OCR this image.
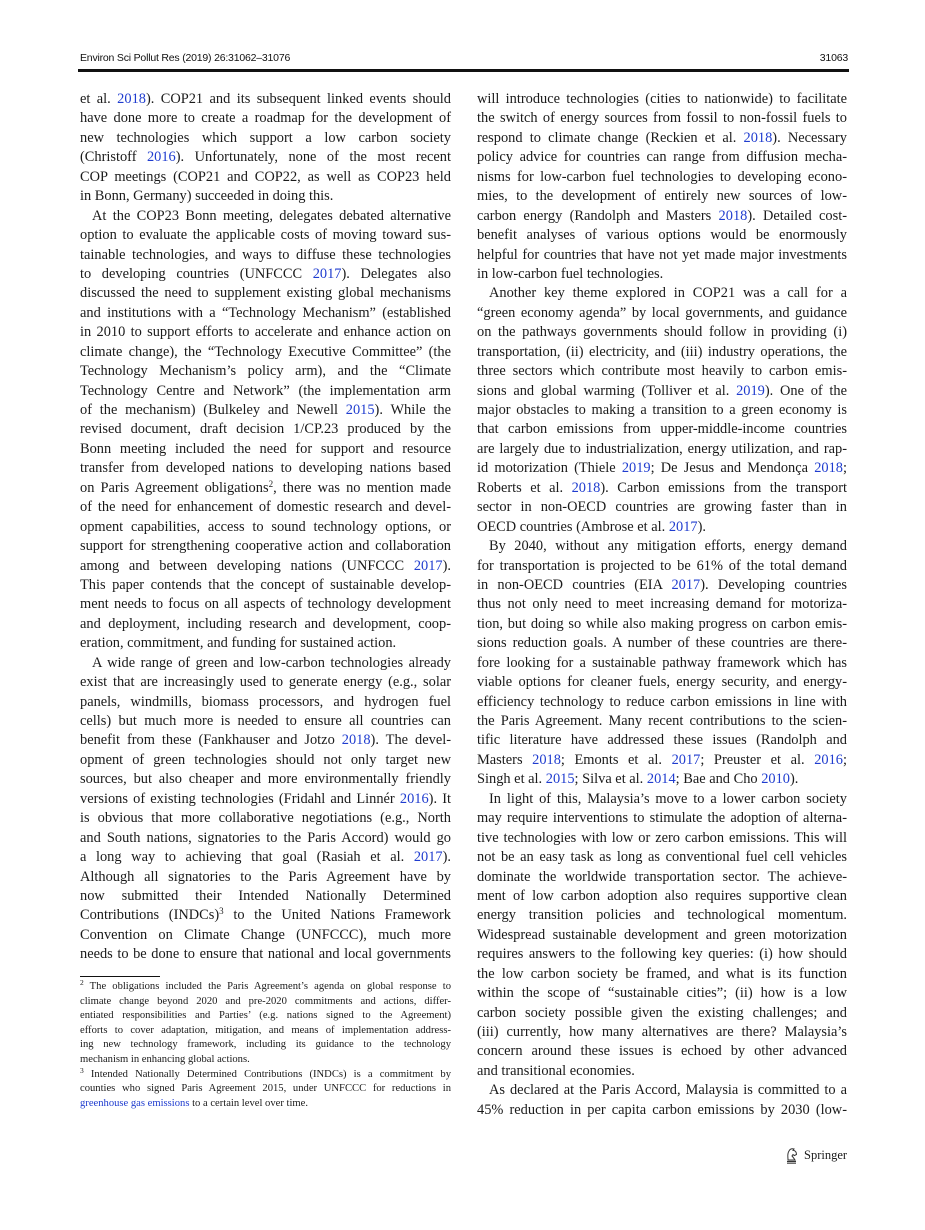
Environ Sci Pollut Res (2019) 26:31062–31076	31063
et al. 2018). COP21 and its subsequent linked events should
have done more to create a roadmap for the development of
new technologies which support a low carbon society
(Christoff 2016). Unfortunately, none of the most recent
COP meetings (COP21 and COP22, as well as COP23 held
in Bonn, Germany) succeeded in doing this.
At the COP23 Bonn meeting, delegates debated alternative
option to evaluate the applicable costs of moving toward sus-
tainable technologies, and ways to diffuse these technologies
to developing countries (UNFCCC 2017). Delegates also
discussed the need to supplement existing global mechanisms
and institutions with a “Technology Mechanism” (established
in 2010 to support efforts to accelerate and enhance action on
climate change), the “Technology Executive Committee” (the
Technology Mechanism’s policy arm), and the “Climate
Technology Centre and Network” (the implementation arm
of the mechanism) (Bulkeley and Newell 2015). While the
revised document, draft decision 1/CP.23 produced by the
Bonn meeting included the need for support and resource
transfer from developed nations to developing nations based
on Paris Agreement obligations$^2$, there was no mention made
of the need for enhancement of domestic research and devel-
opment capabilities, access to sound technology options, or
support for strengthening cooperative action and collaboration
among and between developing nations (UNFCCC 2017).
This paper contends that the concept of sustainable develop-
ment needs to focus on all aspects of technology development
and deployment, including research and development, coop-
eration, commitment, and funding for sustained action.
A wide range of green and low-carbon technologies already
exist that are increasingly used to generate energy (e.g., solar
panels, windmills, biomass processors, and hydrogen fuel
cells) but much more is needed to ensure all countries can
benefit from these (Fankhauser and Jotzo 2018). The devel-
opment of green technologies should not only target new
sources, but also cheaper and more environmentally friendly
versions of existing technologies (Fridahl and Linnér 2016). It
is obvious that more collaborative negotiations (e.g., North
and South nations, signatories to the Paris Accord) would go
a long way to achieving that goal (Rasiah et al. 2017).
Although all signatories to the Paris Agreement have by
now submitted their Intended Nationally Determined
Contributions (INDCs)$^3$ to the United Nations Framework
Convention on Climate Change (UNFCCC), much more
needs to be done to ensure that national and local governments
will introduce technologies (cities to nationwide) to facilitate
the switch of energy sources from fossil to non-fossil fuels to
respond to climate change (Reckien et al. 2018). Necessary
policy advice for countries can range from diffusion mecha-
nisms for low-carbon fuel technologies to developing econo-
mies, to the development of entirely new sources of low-
carbon energy (Randolph and Masters 2018). Detailed cost-
benefit analyses of various options would be enormously
helpful for countries that have not yet made major investments
in low-carbon fuel technologies.
Another key theme explored in COP21 was a call for a
“green economy agenda” by local governments, and guidance
on the pathways governments should follow in providing (i)
transportation, (ii) electricity, and (iii) industry operations, the
three sectors which contribute most heavily to carbon emis-
sions and global warming (Tolliver et al. 2019). One of the
major obstacles to making a transition to a green economy is
that carbon emissions from upper-middle-income countries
are largely due to industrialization, energy utilization, and rap-
id motorization (Thiele 2019; De Jesus and Mendonça 2018;
Roberts et al. 2018). Carbon emissions from the transport
sector in non-OECD countries are growing faster than in
OECD countries (Ambrose et al. 2017).
By 2040, without any mitigation efforts, energy demand
for transportation is projected to be 61% of the total demand
in non-OECD countries (EIA 2017). Developing countries
thus not only need to meet increasing demand for motoriza-
tion, but doing so while also making progress on carbon emis-
sions reduction goals. A number of these countries are there-
fore looking for a sustainable pathway framework which has
viable options for cleaner fuels, energy security, and energy-
efficiency technology to reduce carbon emissions in line with
the Paris Agreement. Many recent contributions to the scien-
tific literature have addressed these issues (Randolph and
Masters 2018; Emonts et al. 2017; Preuster et al. 2016;
Singh et al. 2015; Silva et al. 2014; Bae and Cho 2010).
In light of this, Malaysia’s move to a lower carbon society
may require interventions to stimulate the adoption of alterna-
tive technologies with low or zero carbon emissions. This will
not be an easy task as long as conventional fuel cell vehicles
dominate the worldwide transportation sector. The achieve-
ment of low carbon adoption also requires supportive clean
energy transition policies and technological momentum.
Widespread sustainable development and green motorization
requires answers to the following key queries: (i) how should
the low carbon society be framed, and what is its function
within the scope of “sustainable cities”; (ii) how is a low
carbon society possible given the existing challenges; and
(iii) currently, how many alternatives are there? Malaysia’s
concern around these issues is echoed by other advanced
and transitional economies.
As declared at the Paris Accord, Malaysia is committed to a
45% reduction in per capita carbon emissions by 2030 (low-
$^2$ The obligations included the Paris Agreement’s agenda on global response to
climate change beyond 2020 and pre-2020 commitments and actions, differ-
entiated responsibilities and Parties’ (e.g. nations signed to the Agreement)
efforts to cover adaptation, mitigation, and means of implementation address-
ing new technology framework, including its guidance to the technology
mechanism in enhancing global actions.
$^3$ Intended Nationally Determined Contributions (INDCs) is a commitment by
counties who signed Paris Agreement 2015, under UNFCCC for reductions in
greenhouse gas emissions to a certain level over time.
Springer
